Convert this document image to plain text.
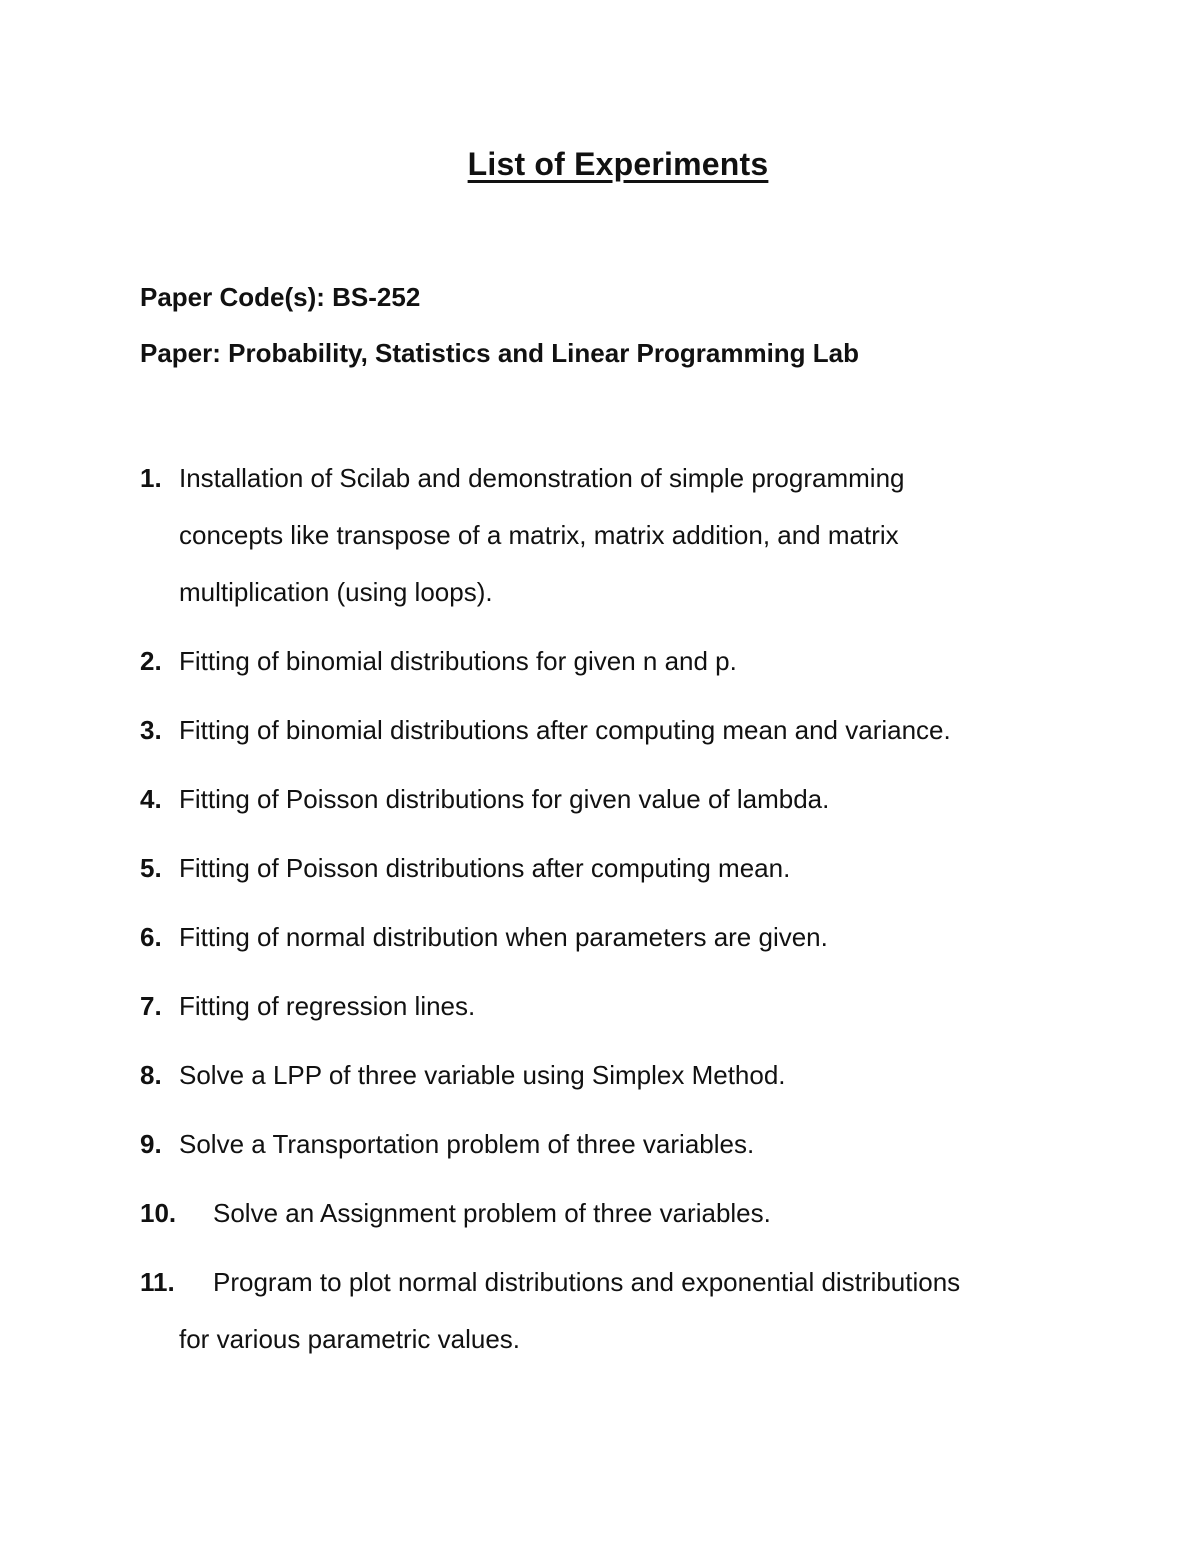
List of Experiments
Paper Code(s): BS-252
Paper: Probability, Statistics and Linear Programming Lab
1. Installation of Scilab and demonstration of simple programming
concepts like transpose of a matrix, matrix addition, and matrix
multiplication (using loops).
2. Fitting of binomial distributions for given n and p.
3. Fitting of binomial distributions after computing mean and variance.
4. Fitting of Poisson distributions for given value of lambda.
5. Fitting of Poisson distributions after computing mean.
6. Fitting of normal distribution when parameters are given.
7. Fitting of regression lines.
8. Solve a LPP of three variable using Simplex Method.
9. Solve a Transportation problem of three variables.
10. Solve an Assignment problem of three variables.
11.	Program to plot normal distributions and exponential distributions
for various parametric values.
